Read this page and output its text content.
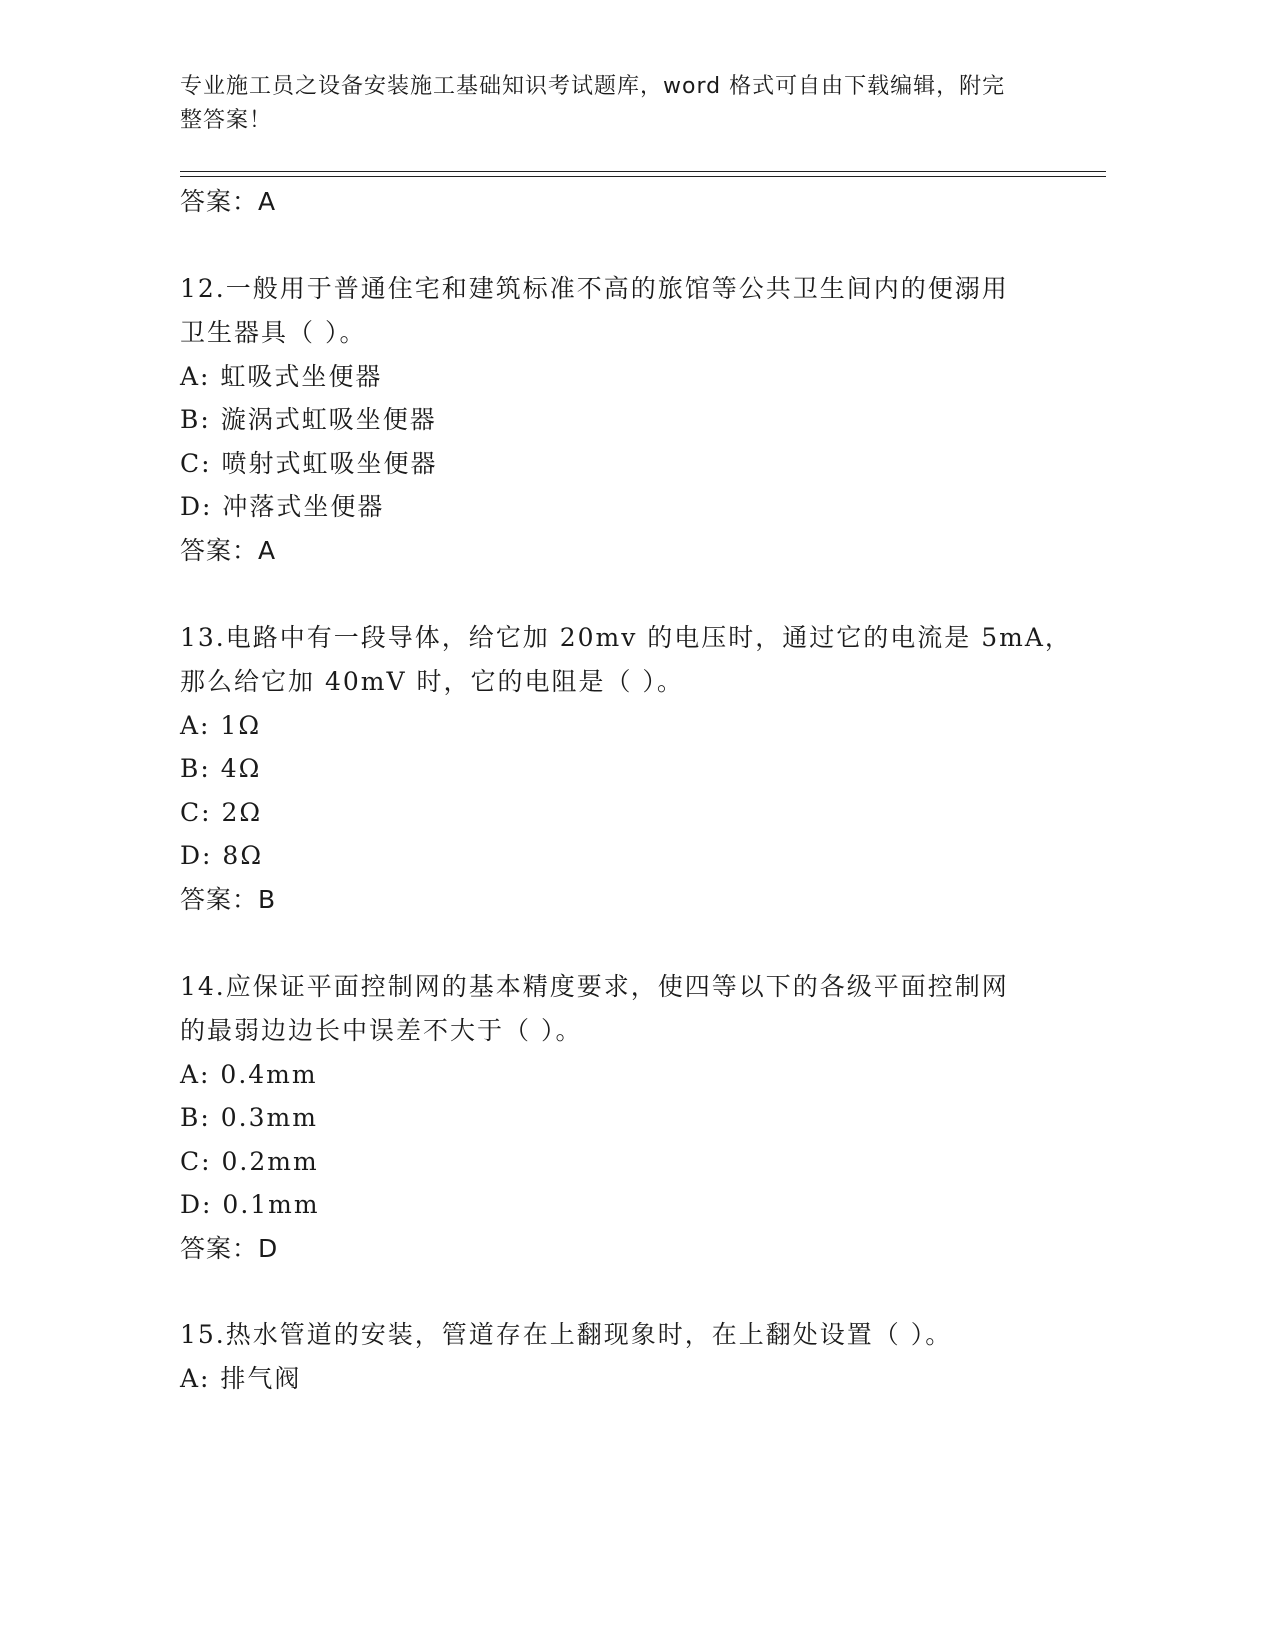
专业施工员之设备安装施工基础知识考试题库，word 格式可自由下载编辑，附完
整答案！
答案：A
12.一般用于普通住宅和建筑标准不高的旅馆等公共卫生间内的便溺用
卫生器具（ ）。
A: 虹吸式坐便器
B: 漩涡式虹吸坐便器
C: 喷射式虹吸坐便器
D: 冲落式坐便器
答案：A
13.电路中有一段导体，给它加 20mv 的电压时，通过它的电流是 5mA，
那么给它加 40mV 时，它的电阻是（ ）。
A: 1Ω
B: 4Ω
C: 2Ω
D: 8Ω
答案：B
14.应保证平面控制网的基本精度要求，使四等以下的各级平面控制网
的最弱边边长中误差不大于（ ）。
A: 0.4mm
B: 0.3mm
C: 0.2mm
D: 0.1mm
答案：D
15.热水管道的安装，管道存在上翻现象时，在上翻处设置（ ）。
A: 排气阀
